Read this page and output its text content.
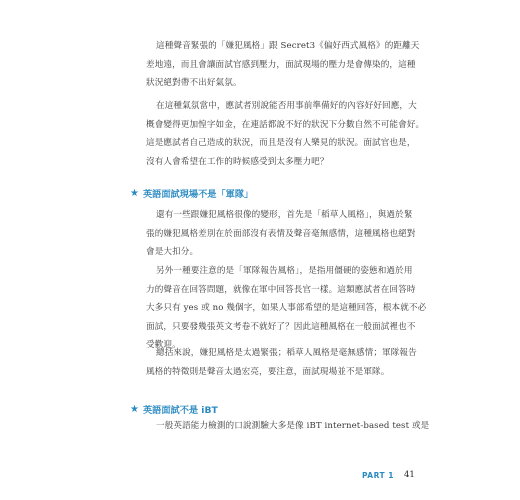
這種聲音緊張的「嫌犯風格」跟 Secret3《偏好西式風格》的距離天
差地遠，而且會讓面試官感到壓力，面試現場的壓力是會傳染的，這種
狀況絕對帶不出好氣氛。
在這種氣氛當中，應試者別說能否用事前準備好的內容好好回應，大
概會變得更加惶字如金，在連話都說不好的狀況下分數自然不可能會好。
這是應試者自己造成的狀況，而且是沒有人樂見的狀況。面試官也是，
沒有人會希望在工作的時候感受到太多壓力吧？
★ 英語面試現場不是「軍隊」
還有一些跟嫌犯風格很像的變形，首先是「稻草人風格」，與過於緊
張的嫌犯風格差別在於面部沒有表情及聲音毫無感情，這種風格也絕對
會是大扣分。
另外一種要注意的是「軍隊報告風格」，是指用僵硬的姿態和過於用
力的聲音在回答問題，就像在軍中回答長官一樣。這類應試者在回答時
大多只有 yes 或 no 幾個字，如果人事部希望的是這種回答，根本就不必
面試，只要發幾張英文考卷不就好了？因此這種風格在一般面試裡也不
受歡迎。
總括來說，嫌犯風格是太過緊張；稻草人風格是毫無感情；軍隊報告
風格的特徵則是聲音太過宏亮，要注意，面試現場並不是軍隊。
★ 英語面試不是 iBT
一般英語能力檢測的口說測驗大多是像 iBT internet-based test 或是
PART 1 41
